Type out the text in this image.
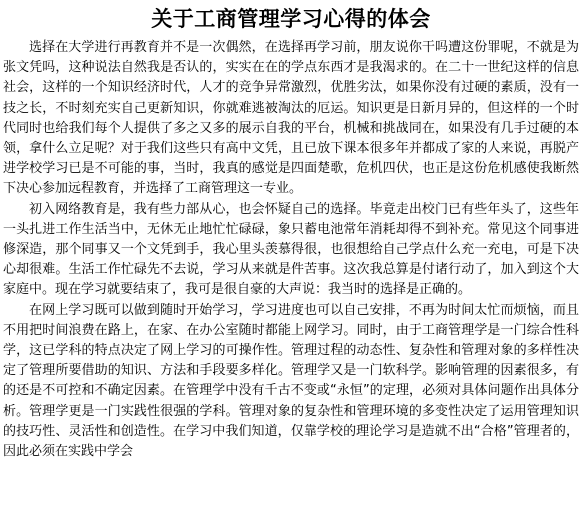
关于工商管理学习心得的体会

选择在大学进行再教育并不是一次偶然，在选择再学习前，朋友说你干吗遭这份罪呢，不就是为张文凭吗，这种说法自然我是否认的，实实在在的学点东西才是我渴求的。在二十一世纪这样的信息社会，这样的一个知识经济时代，人才的竞争异常激烈，优胜劣汰，如果你没有过硬的素质，没有一技之长，不时刻充实自己更新知识，你就难逃被淘汰的厄运。知识更是日新月异的，但这样的一个时代同时也给我们每个人提供了多之又多的展示自我的平台，机械和挑战同在，如果没有几手过硬的本领，拿什么立足呢？对于我们这些只有高中文凭，且已放下课本很多年并都成了家的人来说，再脱产进学校学习已是不可能的事，当时，我真的感觉是四面楚歌，危机四伏，也正是这份危机感使我断然下决心参加远程教育，并选择了工商管理这一专业。

初入网络教育是，我有些力部从心，也会怀疑自己的选择。毕竟走出校门已有些年头了，这些年一头扎进工作生活当中，无休无止地忙忙碌碌，象只蓄电池常年消耗却得不到补充。常见这个同事进修深造，那个同事又一个文凭到手，我心里头羡慕得很，也很想给自己学点什么充一充电，可是下决心却很难。生活工作忙碌先不去说，学习从来就是件苦事。这次我总算是付诸行动了，加入到这个大家庭中。现在学习就要结束了，我可是很自豪的大声说：我当时的选择是正确的。

在网上学习既可以做到随时开始学习，学习进度也可以自己安排，不再为时间太忙而烦恼，而且不用把时间浪费在路上，在家、在办公室随时都能上网学习。同时，由于工商管理学是一门综合性科学，这已学科的特点决定了网上学习的可操作性。管理过程的动态性、复杂性和管理对象的多样性决定了管理所要借助的知识、方法和手段要多样化。管理学又是一门软科学。影响管理的因素很多，有的还是不可控和不确定因素。在管理学中没有千古不变或“永恒”的定理，必须对具体问题作出具体分析。管理学更是一门实践性很强的学科。管理对象的复杂性和管理环境的多变性决定了运用管理知识的技巧性、灵活性和创造性。在学习中我们知道，仅靠学校的理论学习是造就不出“合格”管理者的，因此必须在实践中学会
